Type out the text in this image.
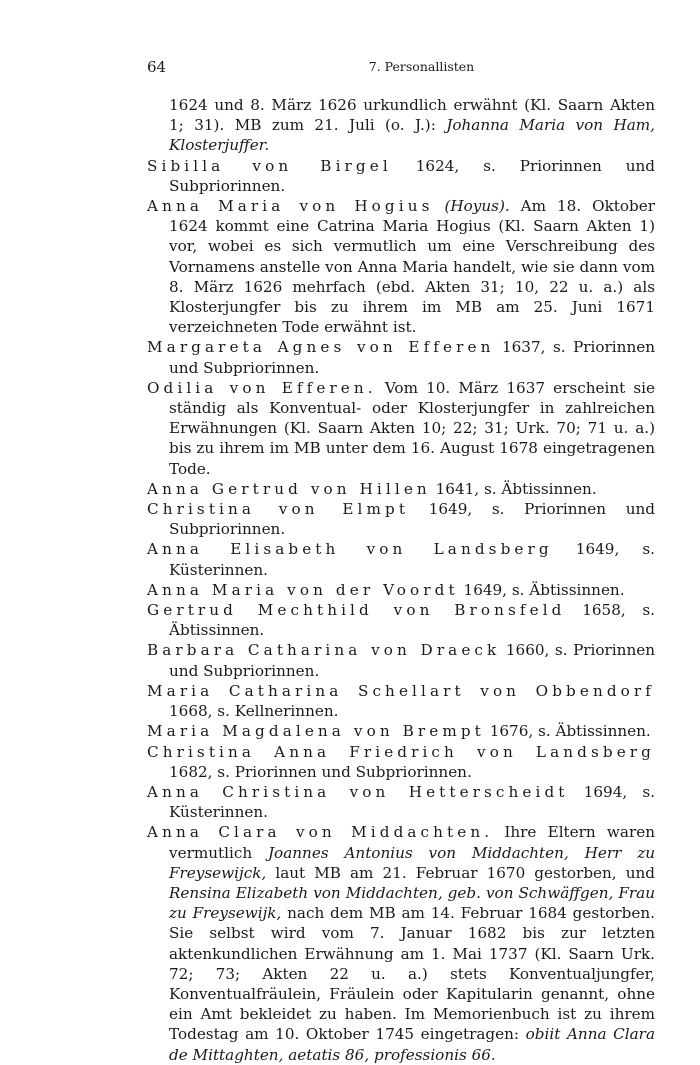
64	7. Personallisten

1624 und 8. März 1626 urkundlich erwähnt (Kl. Saarn Akten 1; 31). MB zum 21. Juli (o. J.): Johanna Maria von Ham, Klosterjuffer.

Sibilla von Birgel 1624, s. Priorinnen und Subpriorinnen.

Anna Maria von Hogius (Hoyus). Am 18. Oktober 1624 kommt eine Catrina Maria Hogius (Kl. Saarn Akten 1) vor, wobei es sich vermutlich um eine Verschreibung des Vornamens anstelle von Anna Maria handelt, wie sie dann vom 8. März 1626 mehrfach (ebd. Akten 31; 10, 22 u. a.) als Klosterjungfer bis zu ihrem im MB am 25. Juni 1671 verzeichneten Tode erwähnt ist.

Margareta Agnes von Efferen 1637, s. Priorinnen und Subpriorinnen.

Odilia von Efferen. Vom 10. März 1637 erscheint sie ständig als Konventual- oder Klosterjungfer in zahlreichen Erwähnungen (Kl. Saarn Akten 10; 22; 31; Urk. 70; 71 u. a.) bis zu ihrem im MB unter dem 16. August 1678 eingetragenen Tode.

Anna Gertrud von Hillen 1641, s. Äbtissinnen.

Christina von Elmpt 1649, s. Priorinnen und Subpriorinnen.

Anna Elisabeth von Landsberg 1649, s. Küsterinnen.

Anna Maria von der Voordt 1649, s. Äbtissinnen.

Gertrud Mechthild von Bronsfeld 1658, s. Äbtissinnen.

Barbara Catharina von Draeck 1660, s. Priorinnen und Subpriorinnen.

Maria Catharina Schellart von Obbendorf 1668, s. Kellnerinnen.

Maria Magdalena von Brempt 1676, s. Äbtissinnen.

Christina Anna Friedrich von Landsberg 1682, s. Priorinnen und Subpriorinnen.

Anna Christina von Hetterscheidt 1694, s. Küsterinnen.

Anna Clara von Middachten. Ihre Eltern waren vermutlich Joannes Antonius von Middachten, Herr zu Freysewijck, laut MB am 21. Februar 1670 gestorben, und Rensina Elizabeth von Middachten, geb. von Schwäffgen, Frau zu Freysewijk, nach dem MB am 14. Februar 1684 gestorben. Sie selbst wird vom 7. Januar 1682 bis zur letzten aktenkundlichen Erwähnung am 1. Mai 1737 (Kl. Saarn Urk. 72; 73; Akten 22 u. a.) stets Konventualjungfer, Konventualfräulein, Fräulein oder Kapitularin genannt, ohne ein Amt bekleidet zu haben. Im Memorienbuch ist zu ihrem Todestag am 10. Oktober 1745 eingetragen: obiit Anna Clara de Mittaghten, aetatis 86, professionis 66.
